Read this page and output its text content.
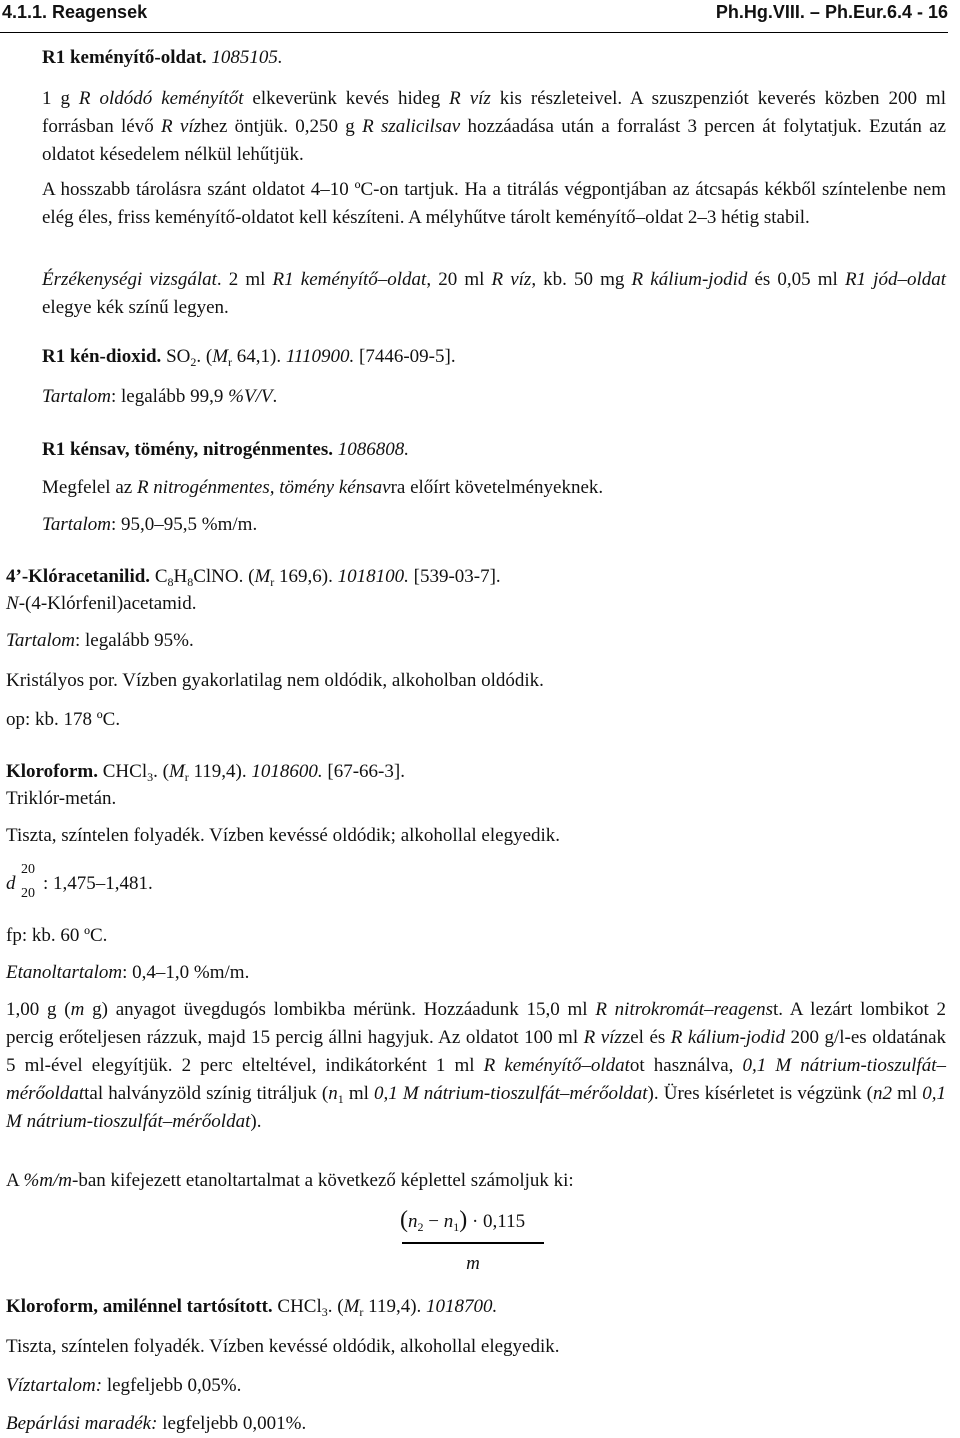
4.1.1. Reagensek	Ph.Hg.VIII. – Ph.Eur.6.4 - 16
R1 keményítő-oldat. 1085105.
1 g R oldódó keményítőt elkeverünk kevés hideg R víz kis részleteivel. A szuszpenziót keverés közben 200 ml forrásban lévő R vízhez öntjük. 0,250 g R szalicilsav hozzáadása után a forralást 3 percen át folytatjuk. Ezután az oldatot késedelem nélkül lehűtjük.
A hosszabb tárolásra szánt oldatot 4–10 ºC-on tartjuk. Ha a titrálás végpontjában az átcsapás kékből színtelenbe nem elég éles, friss keményítő-oldatot kell készíteni. A mélyhűtve tárolt keményítő–oldat 2–3 hétig stabil.
Érzékenységi vizsgálat. 2 ml R1 keményítő–oldat, 20 ml R víz, kb. 50 mg R kálium-jodid és 0,05 ml R1 jód–oldat elegye kék színű legyen.
R1 kén-dioxid. $SO_2$. ($M_r$ 64,1). 1110900. [7446-09-5].
Tartalom: legalább 99,9 %V/V.
R1 kénsav, tömény, nitrogénmentes. 1086808.
Megfelel az R nitrogénmentes, tömény kénsavra előírt követelményeknek.
Tartalom: 95,0–95,5 %m/m.
4’-Klóracetanilid. $C_8H_8ClNO$. ($M_r$ 169,6). 1018100. [539-03-7].
N-(4-Klórfenil)acetamid.
Tartalom: legalább 95%.
Kristályos por. Vízben gyakorlatilag nem oldódik, alkoholban oldódik.
op: kb. 178 ºC.
Kloroform. CHCl$_3$. ($M_r$ 119,4). 1018600. [67-66-3].
Triklór-metán.
Tiszta, színtelen folyadék. Vízben kevéssé oldódik; alkohollal elegyedik.
d
20
20 : 1,475–1,481.
fp: kb. 60 ºC.
Etanoltartalom: 0,4–1,0 %m/m.
1,00 g (m g) anyagot üvegdugós lombikba mérünk. Hozzáadunk 15,0 ml R nitrokromát–reagenst. A lezárt lombikot 2 percig erőteljesen rázzuk, majd 15 percig állni hagyjuk. Az oldatot 100 ml R vízzel és R kálium-jodid 200 g/l-es oldatának 5 ml-ével elegyítjük. 2 perc elteltével, indikátorként 1 ml R keményítő–oldatot használva, 0,1 M nátrium-tioszulfát–mérőoldattal halványzöld színig titráljuk ($n_1$ ml 0,1 M nátrium-tioszulfát–mérőoldat). Üres kísérletet is végzünk (n2 ml 0,1 M nátrium-tioszulfát–mérőoldat).
A %m/m-ban kifejezett etanoltartalmat a következő képlettel számoljuk ki:
$(n_2 - n_1) \cdot 0,115$
m
Kloroform, amilénnel tartósított. CHCl$_3$. ($M_r$ 119,4). 1018700.
Tiszta, színtelen folyadék. Vízben kevéssé oldódik, alkohollal elegyedik.
Víztartalom: legfeljebb 0,05%.
Bepárlási maradék: legfeljebb 0,001%.
